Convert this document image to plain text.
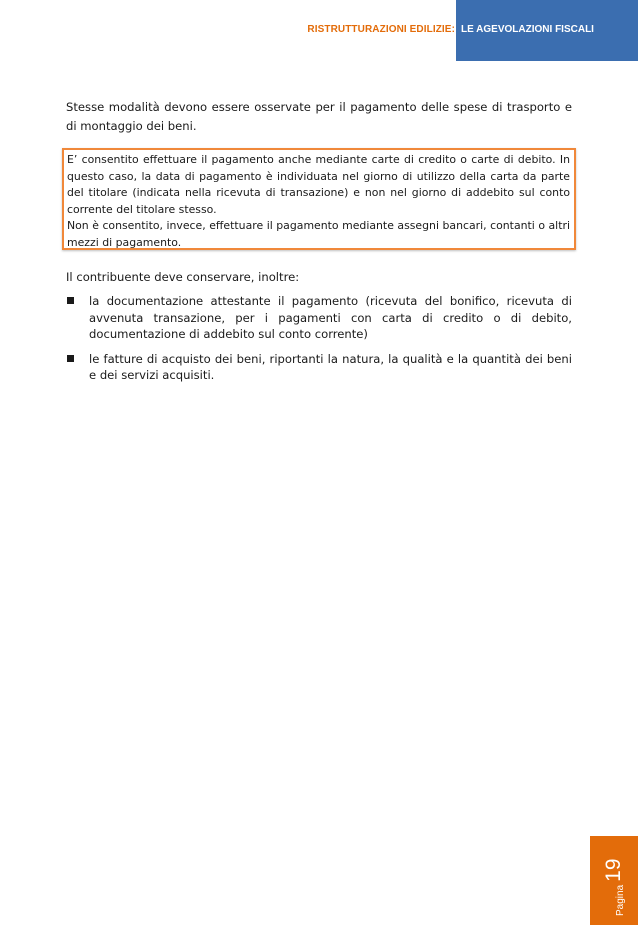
RISTRUTTURAZIONI EDILIZIE: LE AGEVOLAZIONI FISCALI
Stesse modalità devono essere osservate per il pagamento delle spese di trasporto e di montaggio dei beni.

E’ consentito effettuare il pagamento anche mediante carte di credito o carte di debito. In questo caso, la data di pagamento è individuata nel giorno di utilizzo della carta da parte del titolare (indicata nella ricevuta di transazione) e non nel giorno di addebito sul conto corrente del titolare stesso.

Non è consentito, invece, effettuare il pagamento mediante assegni bancari, contanti o altri mezzi di pagamento.

Il contribuente deve conservare, inoltre:
la documentazione attestante il pagamento (ricevuta del bonifico, ricevuta di avvenuta transazione, per i pagamenti con carta di credito o di debito, documentazione di addebito sul conto corrente)
le fatture di acquisto dei beni, riportanti la natura, la qualità e la quantità dei beni e dei servizi acquisiti.
Pagina19
